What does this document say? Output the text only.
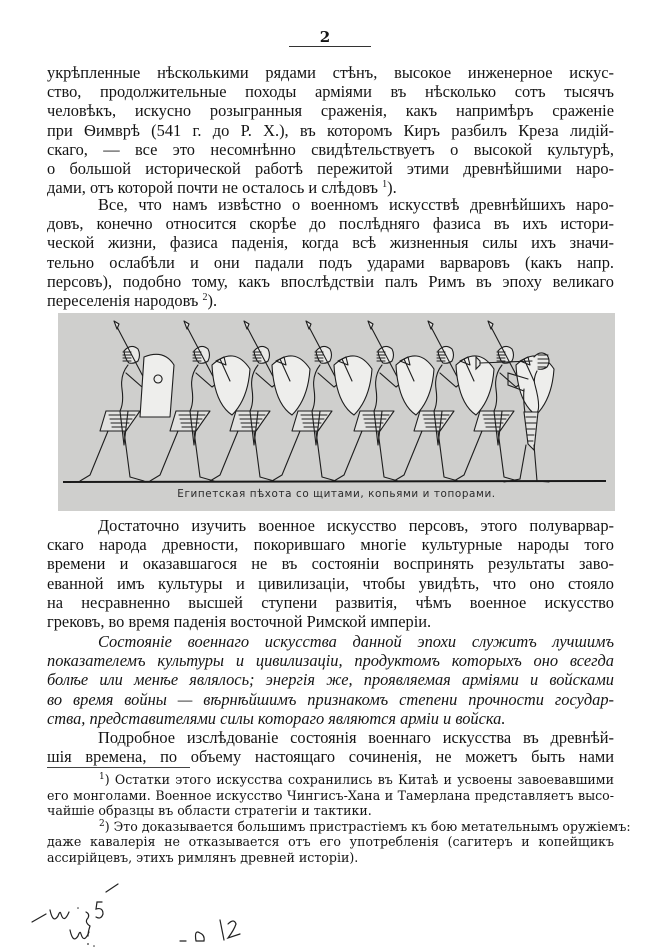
2
укрѣпленные нѣсколькими рядами стѣнъ, высокое инженерное искус-
ство, продолжительные походы арміями въ нѣсколько сотъ тысячъ
человѣкъ, искусно розыгранныя сраженія, какъ напримѣръ сраженіе
при Ѳимврѣ (541 г. до Р. Х.), въ которомъ Киръ разбилъ Креза лидій-
скаго, — все это несомнѣнно свидѣтельствуетъ о высокой культурѣ,
о большой исторической работѣ пережитой этими древнѣйшими наро-
дами, отъ которой почти не осталось и слѣдовъ $^1$).
Все, что намъ извѣстно о военномъ искусствѣ древнѣйшихъ наро-
довъ, конечно относится скорѣе до послѣдняго фазиса въ ихъ истори-
ческой жизни, фазиса паденія, когда всѣ жизненныя силы ихъ значи-
тельно ослабѣли и они падали подъ ударами варваровъ (какъ напр.
персовъ), подобно тому, какъ впослѣдствіи палъ Римъ въ эпоху великаго
переселенія народовъ $^2$).
Египетская пѣхота со щитами, копьями и топорами.
Достаточно изучить военное искусство персовъ, этого полуварвар-
скаго народа древности, покорившаго многіе культурные народы того
времени и оказавшагося не въ состояніи воспринять результаты заво-
еванной имъ культуры и цивилизаціи, чтобы увидѣть, что оно стояло
на несравненно высшей ступени развитія, чѣмъ военное искусство
грековъ, во время паденія восточной Римской имперіи.
Состояніе военнаго искусства данной эпохи служитъ лучшимъ
показателемъ культуры и цивилизаціи, продуктомъ которыхъ оно всегда
болѣе или менѣе являлось; энергія же, проявляемая арміями и войсками
во время войны — вѣрнѣйшимъ признакомъ степени прочности государ-
ства, представителями силы котораго являются арміи и войска.
Подробное изслѣдованіе состоянія военнаго искусства въ древнѣй-
шія времена, по объему настоящаго сочиненія, не можетъ быть нами
$^1$) Остатки этого искусства сохранились въ Китаѣ и усвоены завоевавшими
его монголами. Военное искусство Чингисъ-Хана и Тамерлана представляетъ высо-
чайшіе образцы въ области стратегіи и тактики.
$^2$) Это доказывается большимъ пристрастіемъ къ бою метательнымъ оружіемъ:
даже кавалерія не отказывается отъ его употребленія (сагитеръ и копейщикъ
ассирійцевъ, этихъ римлянъ древней исторіи).
